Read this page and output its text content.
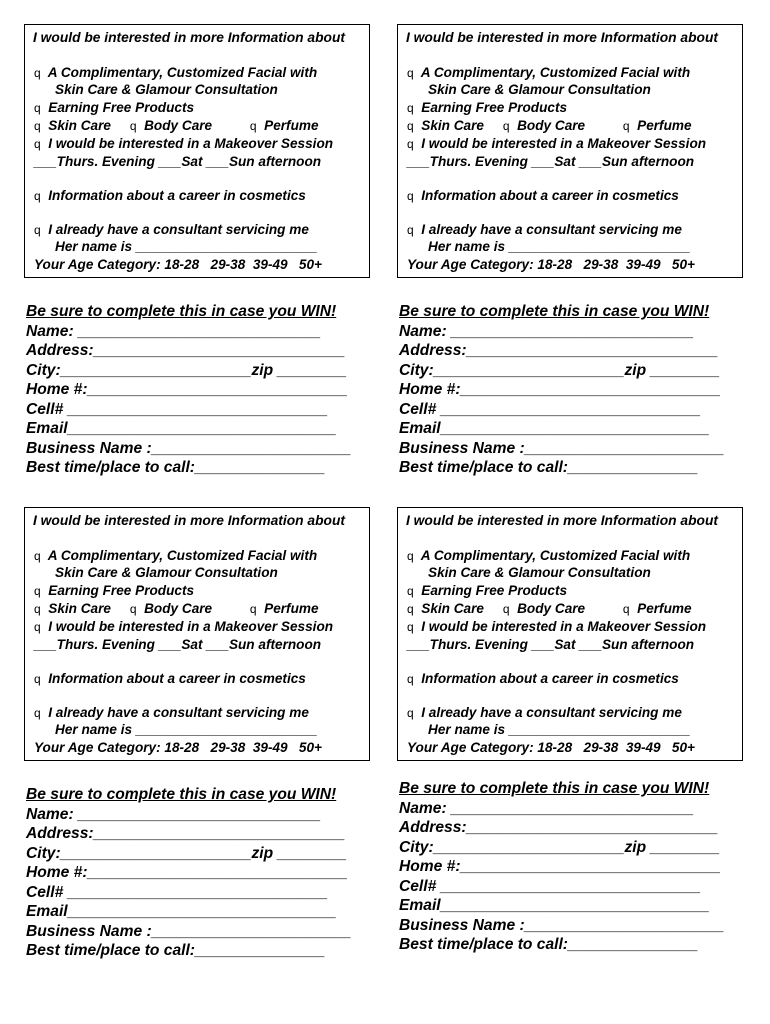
I would be interested in more Information about
q A Complimentary, Customized Facial with
Skin Care & Glamour Consultation
q Earning Free Products
q Skin Care q Body Care	q Perfume
q I would be interested in a Makeover Session
___Thurs. Evening ___Sat ___Sun afternoon
q Information about a career in cosmetics
q I already have a consultant servicing me
Her name is ________________________
Your Age Category: 18-28   29-38  39-49   50+
Be sure to complete this in case you WIN!
Name: ____________________________
Address:_____________________________
City:______________________zip ________
Home #:______________________________
Cell# ______________________________
Email_______________________________
Business Name :_______________________
Best time/place to call:_______________
I would be interested in more Information about
q A Complimentary, Customized Facial with
Skin Care & Glamour Consultation
q Earning Free Products
q Skin Care q Body Care	q Perfume
q I would be interested in a Makeover Session
___Thurs. Evening ___Sat ___Sun afternoon
q Information about a career in cosmetics
q I already have a consultant servicing me
Her name is ________________________
Your Age Category: 18-28   29-38  39-49   50+
Be sure to complete this in case you WIN!
Name: ____________________________
Address:_____________________________
City:______________________zip ________
Home #:______________________________
Cell# ______________________________
Email_______________________________
Business Name :_______________________
Best time/place to call:_______________
I would be interested in more Information about
q A Complimentary, Customized Facial with
Skin Care & Glamour Consultation
q Earning Free Products
q Skin Care q Body Care	q Perfume
q I would be interested in a Makeover Session
___Thurs. Evening ___Sat ___Sun afternoon
q Information about a career in cosmetics
q I already have a consultant servicing me
Her name is ________________________
Your Age Category: 18-28   29-38  39-49   50+
Be sure to complete this in case you WIN!
Name: ____________________________
Address:_____________________________
City:______________________zip ________
Home #:______________________________
Cell# ______________________________
Email_______________________________
Business Name :_______________________
Best time/place to call:_______________
I would be interested in more Information about
q A Complimentary, Customized Facial with
Skin Care & Glamour Consultation
q Earning Free Products
q Skin Care q Body Care	q Perfume
q I would be interested in a Makeover Session
___Thurs. Evening ___Sat ___Sun afternoon
q Information about a career in cosmetics
q I already have a consultant servicing me
Her name is ________________________
Your Age Category: 18-28   29-38  39-49   50+
Be sure to complete this in case you WIN!
Name: ____________________________
Address:_____________________________
City:______________________zip ________
Home #:______________________________
Cell# ______________________________
Email_______________________________
Business Name :_______________________
Best time/place to call:_______________
